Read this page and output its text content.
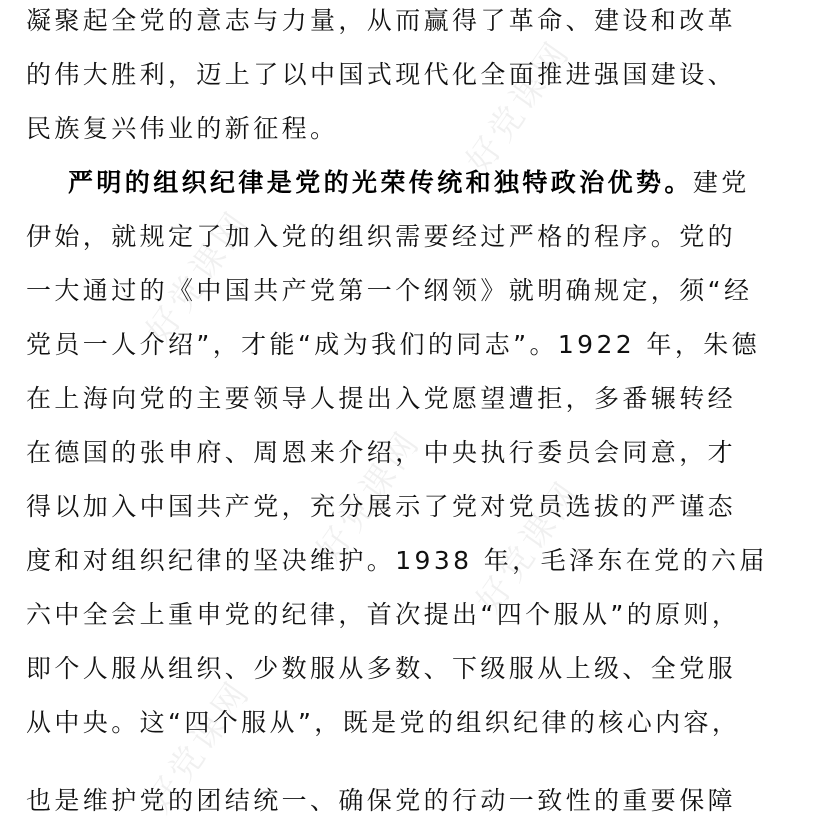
好党课网
好党课网
好党课网 好党课网
好党课网
凝聚起全党的意志与力量，从而赢得了革命、建设和改革
的伟大胜利，迈上了以中国式现代化全面推进强国建设、
民族复兴伟业的新征程。
严明的组织纪律是党的光荣传统和独特政治优势。建党
伊始，就规定了加入党的组织需要经过严格的程序。党的
一大通过的《中国共产党第一个纲领》就明确规定，须“经
党员一人介绍”，才能“成为我们的同志”。1922 年，朱德
在上海向党的主要领导人提出入党愿望遭拒，多番辗转经
在德国的张申府、周恩来介绍，中央执行委员会同意，才
得以加入中国共产党，充分展示了党对党员选拔的严谨态
度和对组织纪律的坚决维护。1938 年，毛泽东在党的六届
六中全会上重申党的纪律，首次提出“四个服从”的原则，
即个人服从组织、少数服从多数、下级服从上级、全党服
从中央。这“四个服从”，既是党的组织纪律的核心内容，
也是维护党的团结统一、确保党的行动一致性的重要保障
